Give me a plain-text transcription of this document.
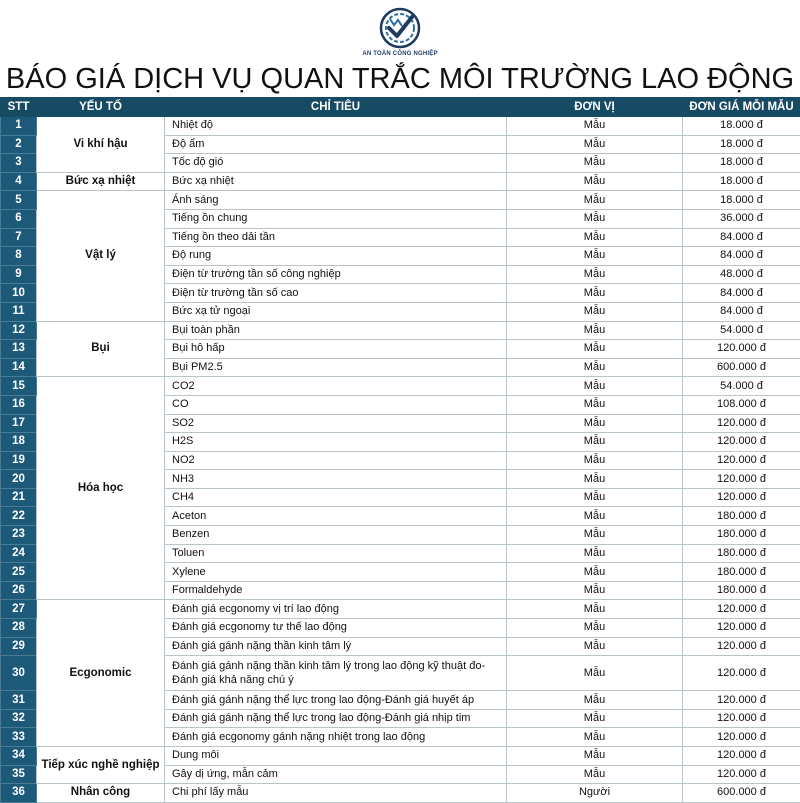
AN TOÀN CÔNG NGHIỆP
BÁO GIÁ DỊCH VỤ QUAN TRẮC MÔI TRƯỜNG LAO ĐỘNG
STT	YẾU TỐ	CHỈ TIÊU	ĐƠN VỊ	ĐƠN GIÁ MỖI MẪU
1	Vi khí hậu	Nhiệt độ	Mẫu	18.000 đ
2		Độ ẩm	Mẫu	18.000 đ
3		Tốc độ gió	Mẫu	18.000 đ
4	Bức xạ nhiệt	Bức xạ nhiệt	Mẫu	18.000 đ
5	Vật lý	Ánh sáng	Mẫu	18.000 đ
6		Tiếng ồn chung	Mẫu	36.000 đ
7		Tiếng ồn theo dải tần	Mẫu	84.000 đ
8		Độ rung	Mẫu	84.000 đ
9		Điện từ trường tần số công nghiệp	Mẫu	48.000 đ
10		Điện từ trường tần số cao	Mẫu	84.000 đ
11		Bức xạ tử ngoại	Mẫu	84.000 đ
12	Bụi	Bụi toàn phần	Mẫu	54.000 đ
13		Bụi hô hấp	Mẫu	120.000 đ
14		Bụi PM2.5	Mẫu	600.000 đ
15	Hóa học	CO2	Mẫu	54.000 đ
16		CO	Mẫu	108.000 đ
17		SO2	Mẫu	120.000 đ
18		H2S	Mẫu	120.000 đ
19		NO2	Mẫu	120.000 đ
20		NH3	Mẫu	120.000 đ
21		CH4	Mẫu	120.000 đ
22		Aceton	Mẫu	180.000 đ
23		Benzen	Mẫu	180.000 đ
24		Toluen	Mẫu	180.000 đ
25		Xylene	Mẫu	180.000 đ
26		Formaldehyde	Mẫu	180.000 đ
27	Ecgonomic	Đánh giá ecgonomy vị trí lao động	Mẫu	120.000 đ
28		Đánh giá ecgonomy tư thế lao động	Mẫu	120.000 đ
29		Đánh giá gánh nặng thần kinh tâm lý	Mẫu	120.000 đ
30		Đánh giá gánh nặng thần kinh tâm lý trong lao động kỹ thuật đo-Đánh giá khả năng chú ý	Mẫu	120.000 đ
31		Đánh giá gánh nặng thể lực trong lao động-Đánh giá huyết áp	Mẫu	120.000 đ
32		Đánh giá gánh nặng thể lực trong lao động-Đánh giá nhịp tim	Mẫu	120.000 đ
33		Đánh giá ecgonomy gánh nặng nhiệt trong lao động	Mẫu	120.000 đ
34	Tiếp xúc nghề nghiệp	Dung môi	Mẫu	120.000 đ
35		Gây dị ứng, mẫn cảm	Mẫu	120.000 đ
36	Nhân công	Chi phí lấy mẫu	Người	600.000 đ
